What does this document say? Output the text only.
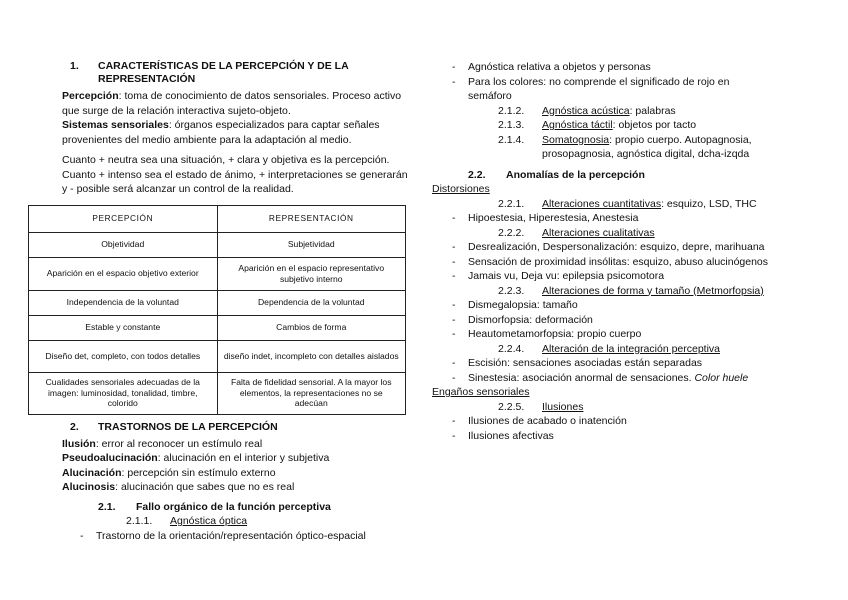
1.	CARACTERÍSTICAS DE LA PERCEPCIÓN Y DE LA REPRESENTACIÓN
Percepción: toma de conocimiento de datos sensoriales. Proceso activo que surge de la relación interactiva sujeto-objeto.
Sistemas sensoriales: órganos especializados para captar señales provenientes del medio ambiente para la adaptación al medio.
Cuanto + neutra sea una situación, + clara y objetiva es la percepción. Cuanto + intenso sea el estado de ánimo, + interpretaciones se generarán y - posible será alcanzar un control de la realidad.
PERCEPCIÓN	REPRESENTACIÓN
Objetividad	Subjetividad
Aparición en el espacio objetivo exterior	Aparición en el espacio representativo subjetivo interno
Independencia de la voluntad	Dependencia de la voluntad
Estable y constante	Cambios de forma
Diseño det, completo, con todos detalles	diseño indet, incompleto con detalles aislados
Cualidades sensoriales adecuadas de la imagen: luminosidad, tonalidad, timbre, colorido	Falta de fidelidad sensorial. A la mayor los elementos, la representaciones no se adecúan
2.	TRASTORNOS DE LA PERCEPCIÓN
Ilusión: error al reconocer un estímulo real
Pseudoalucinación: alucinación en el interior y subjetiva
Alucinación: percepción sin estímulo externo
Alucinosis: alucinación que sabes que no es real
2.1.	Fallo orgánico de la función perceptiva
2.1.1.	Agnóstica óptica
-	Trastorno de la orientación/representación óptico-espacial
-	Agnóstica relativa a objetos y personas
-	Para los colores: no comprende el significado de rojo en semáforo
2.1.2.	Agnóstica acústica: palabras
2.1.3.	Agnóstica táctil: objetos por tacto
2.1.4.	Somatognosia: propio cuerpo. Autopagnosia, prosopagnosia, agnóstica digital, dcha-izqda
2.2.	Anomalías de la percepción
Distorsiones
2.2.1.	Alteraciones cuantitativas: esquizo, LSD, THC
-	Hipoestesia, Hiperestesia, Anestesia
2.2.2.	Alteraciones cualitativas
-	Desrealización, Despersonalización: esquizo, depre, marihuana
-	Sensación de proximidad insólitas: esquizo, abuso alucinógenos
-	Jamais vu, Deja vu: epilepsia psicomotora
2.2.3.	Alteraciones de forma y tamaño (Metmorfopsia)
-	Dismegalopsia: tamaño
-	Dismorfopsia: deformación
-	Heautometamorfopsia: propio cuerpo
2.2.4.	Alteración de la integración perceptiva
-	Escisión: sensaciones asociadas están separadas
-	Sinestesia: asociación anormal de sensaciones. Color huele
Engaños sensoriales
2.2.5.	Ilusiones
-	Ilusiones de acabado o inatención
-	Ilusiones afectivas
